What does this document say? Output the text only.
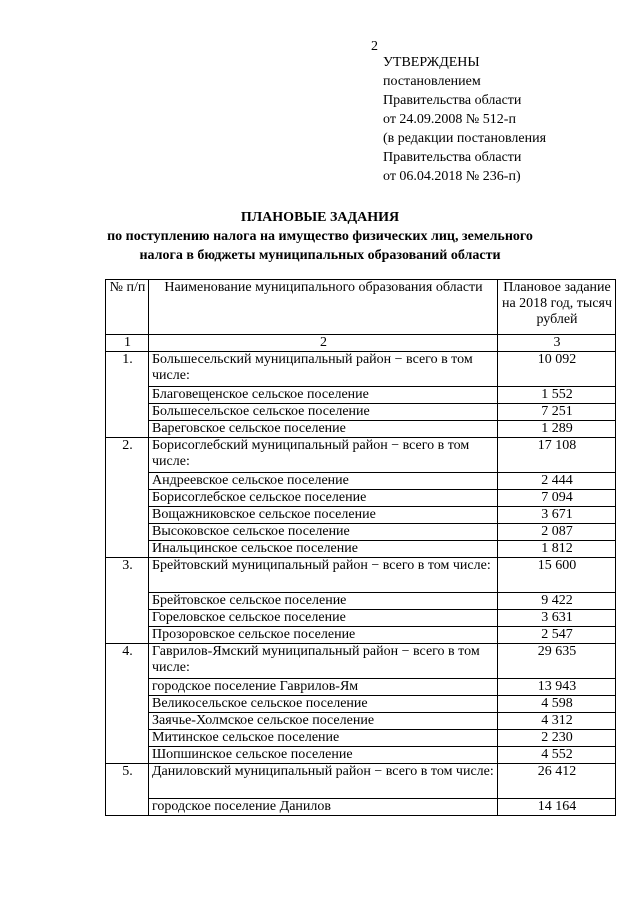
2
УТВЕРЖДЕНЫ
постановлением
Правительства области
от 24.09.2008 № 512-п
(в редакции постановления
Правительства области
от 06.04.2018 № 236-п)
ПЛАНОВЫЕ ЗАДАНИЯ
по поступлению налога на имущество физических лиц, земельного
налога в бюджеты муниципальных образований области
№ п/п	Наименование муниципального образования области	Плановое задание на 2018 год, тысяч рублей
1	2	3
1.	Большесельский муниципальный район − всего в том числе:	10 092
	Благовещенское сельское поселение	1 552
	Большесельское сельское поселение	7 251
	Вареговское сельское поселение	1 289
2.	Борисоглебский муниципальный район − всего в том числе:	17 108
	Андреевское сельское поселение	2 444
	Борисоглебское сельское поселение	7 094
	Вощажниковское сельское поселение	3 671
	Высоковское сельское поселение	2 087
	Инальцинское сельское поселение	1 812
3.	Брейтовский муниципальный район − всего в том числе:	15 600
	Брейтовское сельское поселение	9 422
	Гореловское сельское поселение	3 631
	Прозоровское сельское поселение	2 547
4.	Гаврилов-Ямский муниципальный район − всего в том числе:	29 635
	городское поселение Гаврилов-Ям	13 943
	Великосельское сельское поселение	4 598
	Заячье-Холмское сельское поселение	4 312
	Митинское сельское поселение	2 230
	Шопшинское сельское поселение	4 552
5.	Даниловский муниципальный район − всего в том числе:	26 412
	городское поселение Данилов	14 164
